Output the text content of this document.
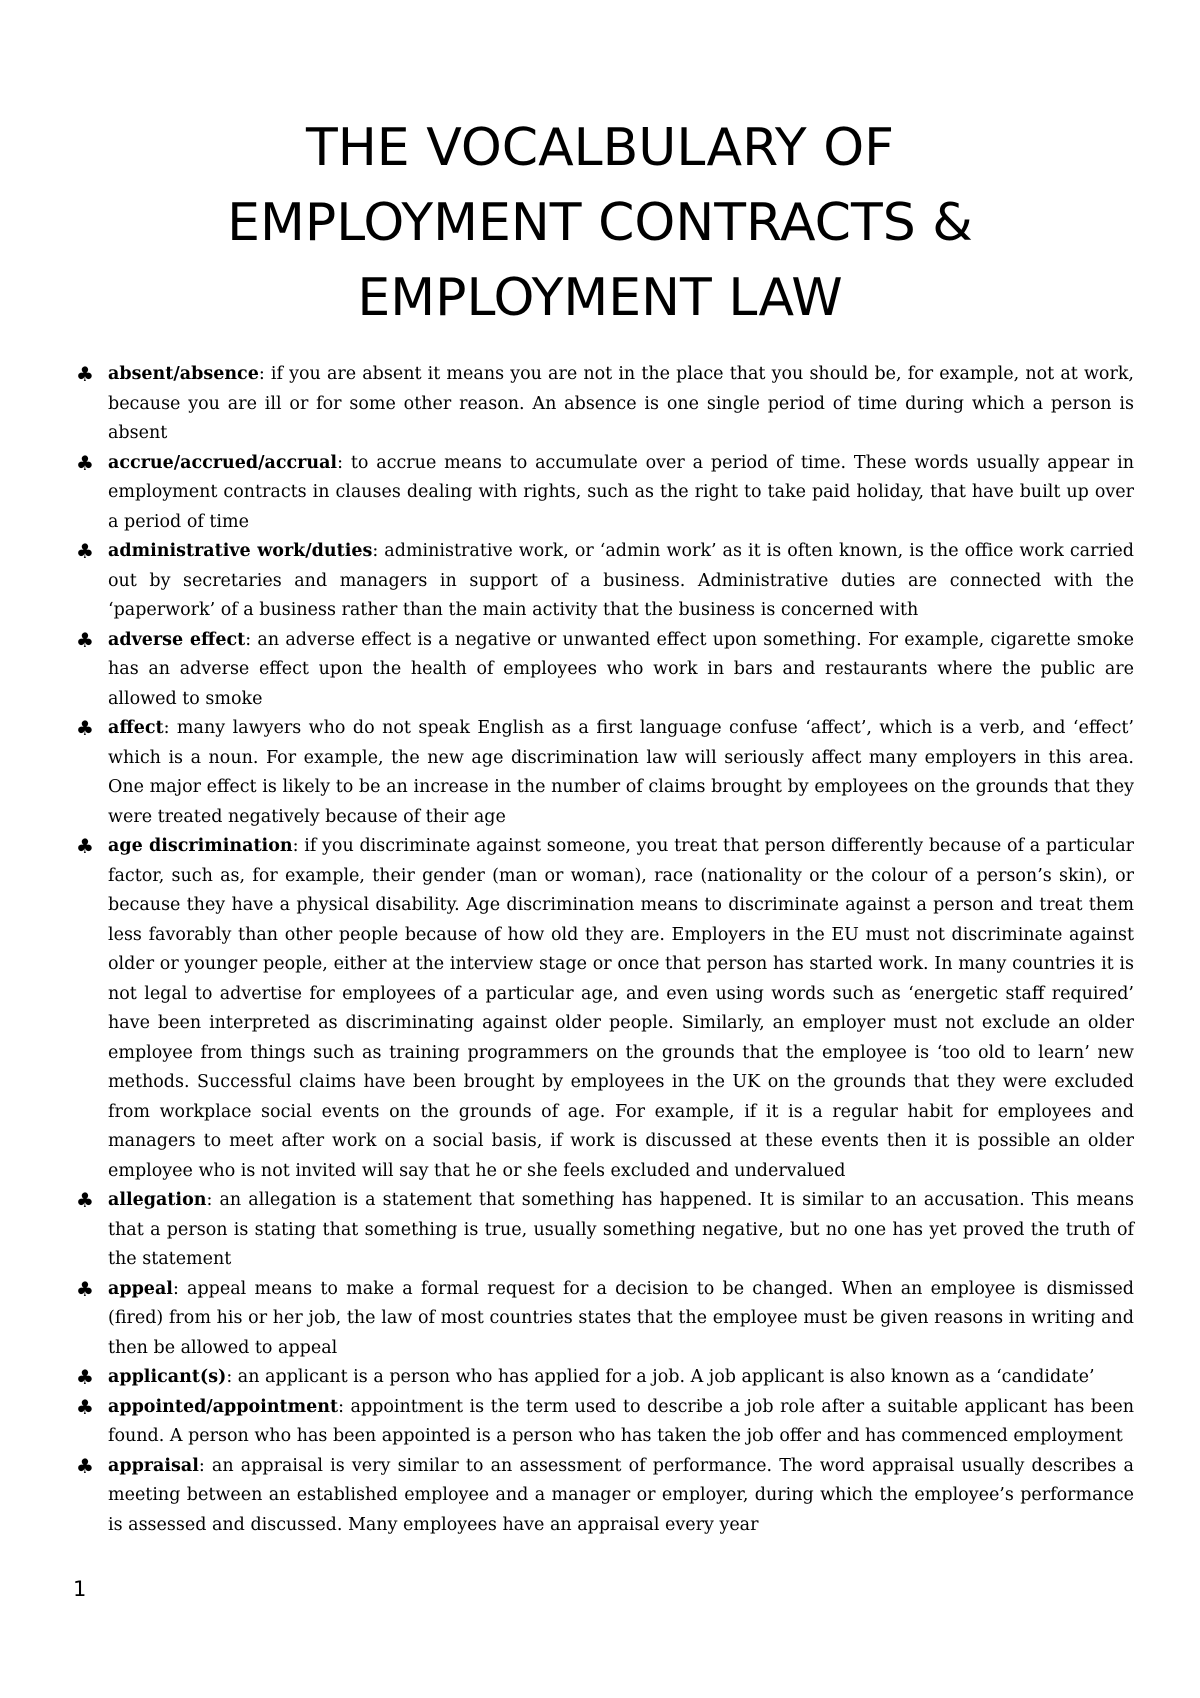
THE VOCALBULARY OF
EMPLOYMENT CONTRACTS &
EMPLOYMENT LAW
♣ absent/absence: if you are absent it means you are not in the place that you should be, for example, not at work, because you are ill or for some other reason. An absence is one single period of time during which a person is absent
♣ accrue/accrued/accrual: to accrue means to accumulate over a period of time. These words usually appear in employment contracts in clauses dealing with rights, such as the right to take paid holiday, that have built up over a period of time
♣ administrative work/duties: administrative work, or ‘admin work’ as it is often known, is the office work carried out by secretaries and managers in support of a business. Administrative duties are connected with the ‘paperwork’ of a business rather than the main activity that the business is concerned with
♣ adverse effect: an adverse effect is a negative or unwanted effect upon something. For example, cigarette smoke has an adverse effect upon the health of employees who work in bars and restaurants where the public are allowed to smoke
♣ affect: many lawyers who do not speak English as a first language confuse ‘affect’, which is a verb, and ‘effect’ which is a noun. For example, the new age discrimination law will seriously affect many employers in this area. One major effect is likely to be an increase in the number of claims brought by employees on the grounds that they were treated negatively because of their age
♣ age discrimination: if you discriminate against someone, you treat that person differently because of a particular factor, such as, for example, their gender (man or woman), race (nationality or the colour of a person’s skin), or because they have a physical disability. Age discrimination means to discriminate against a person and treat them less favorably than other people because of how old they are. Employers in the EU must not discriminate against older or younger people, either at the interview stage or once that person has started work. In many countries it is not legal to advertise for employees of a particular age, and even using words such as ‘energetic staff required’ have been interpreted as discriminating against older people. Similarly, an employer must not exclude an older employee from things such as training programmers on the grounds that the employee is ‘too old to learn’ new methods. Successful claims have been brought by employees in the UK on the grounds that they were excluded from workplace social events on the grounds of age. For example, if it is a regular habit for employees and managers to meet after work on a social basis, if work is discussed at these events then it is possible an older employee who is not invited will say that he or she feels excluded and undervalued
♣ allegation: an allegation is a statement that something has happened. It is similar to an accusation. This means that a person is stating that something is true, usually something negative, but no one has yet proved the truth of the statement
♣ appeal: appeal means to make a formal request for a decision to be changed. When an employee is dismissed (fired) from his or her job, the law of most countries states that the employee must be given reasons in writing and then be allowed to appeal
♣ applicant(s): an applicant is a person who has applied for a job. A job applicant is also known as a ‘candidate’
♣ appointed/appointment: appointment is the term used to describe a job role after a suitable applicant has been found. A person who has been appointed is a person who has taken the job offer and has commenced employment
♣ appraisal: an appraisal is very similar to an assessment of performance. The word appraisal usually describes a meeting between an established employee and a manager or employer, during which the employee’s performance is assessed and discussed. Many employees have an appraisal every year
1
